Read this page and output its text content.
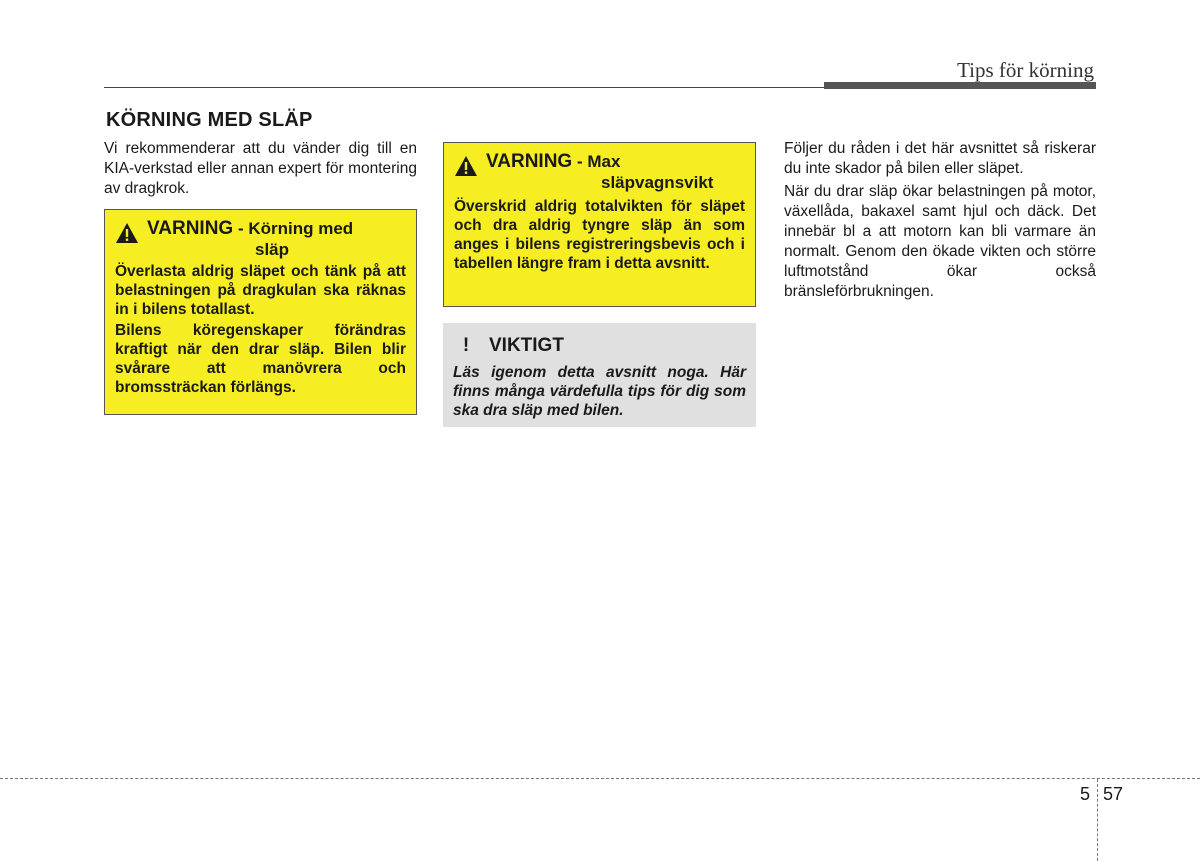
Tips för körning
KÖRNING MED SLÄP

Vi rekommenderar att du vänder dig till en KIA-verkstad eller annan expert för montering av dragkrok.

VARNING - Körning med
släp

Överlasta aldrig släpet och tänk på att belastningen på dragkulan ska räknas in i bilens totallast.

Bilens köregenskaper förändras kraftigt när den drar släp. Bilen blir svårare att manövrera och bromssträckan förlängs.

VARNING - Max
släpvagnsvikt

Överskrid aldrig totalvikten för släpet och dra aldrig tyngre släp än som anges i bilens registreringsbevis och i tabellen längre fram i detta avsnitt.

!	VIKTIGT

Läs igenom detta avsnitt noga. Här finns många värdefulla tips för dig som ska dra släp med bilen.

Följer du råden i det här avsnittet så riskerar du inte skador på bilen eller släpet.

När du drar släp ökar belastningen på motor, växellåda, bakaxel samt hjul och däck. Det innebär bl a att motorn kan bli varmare än normalt. Genom den ökade vikten och större luftmotstånd ökar också bränsleförbrukningen.

5 57
